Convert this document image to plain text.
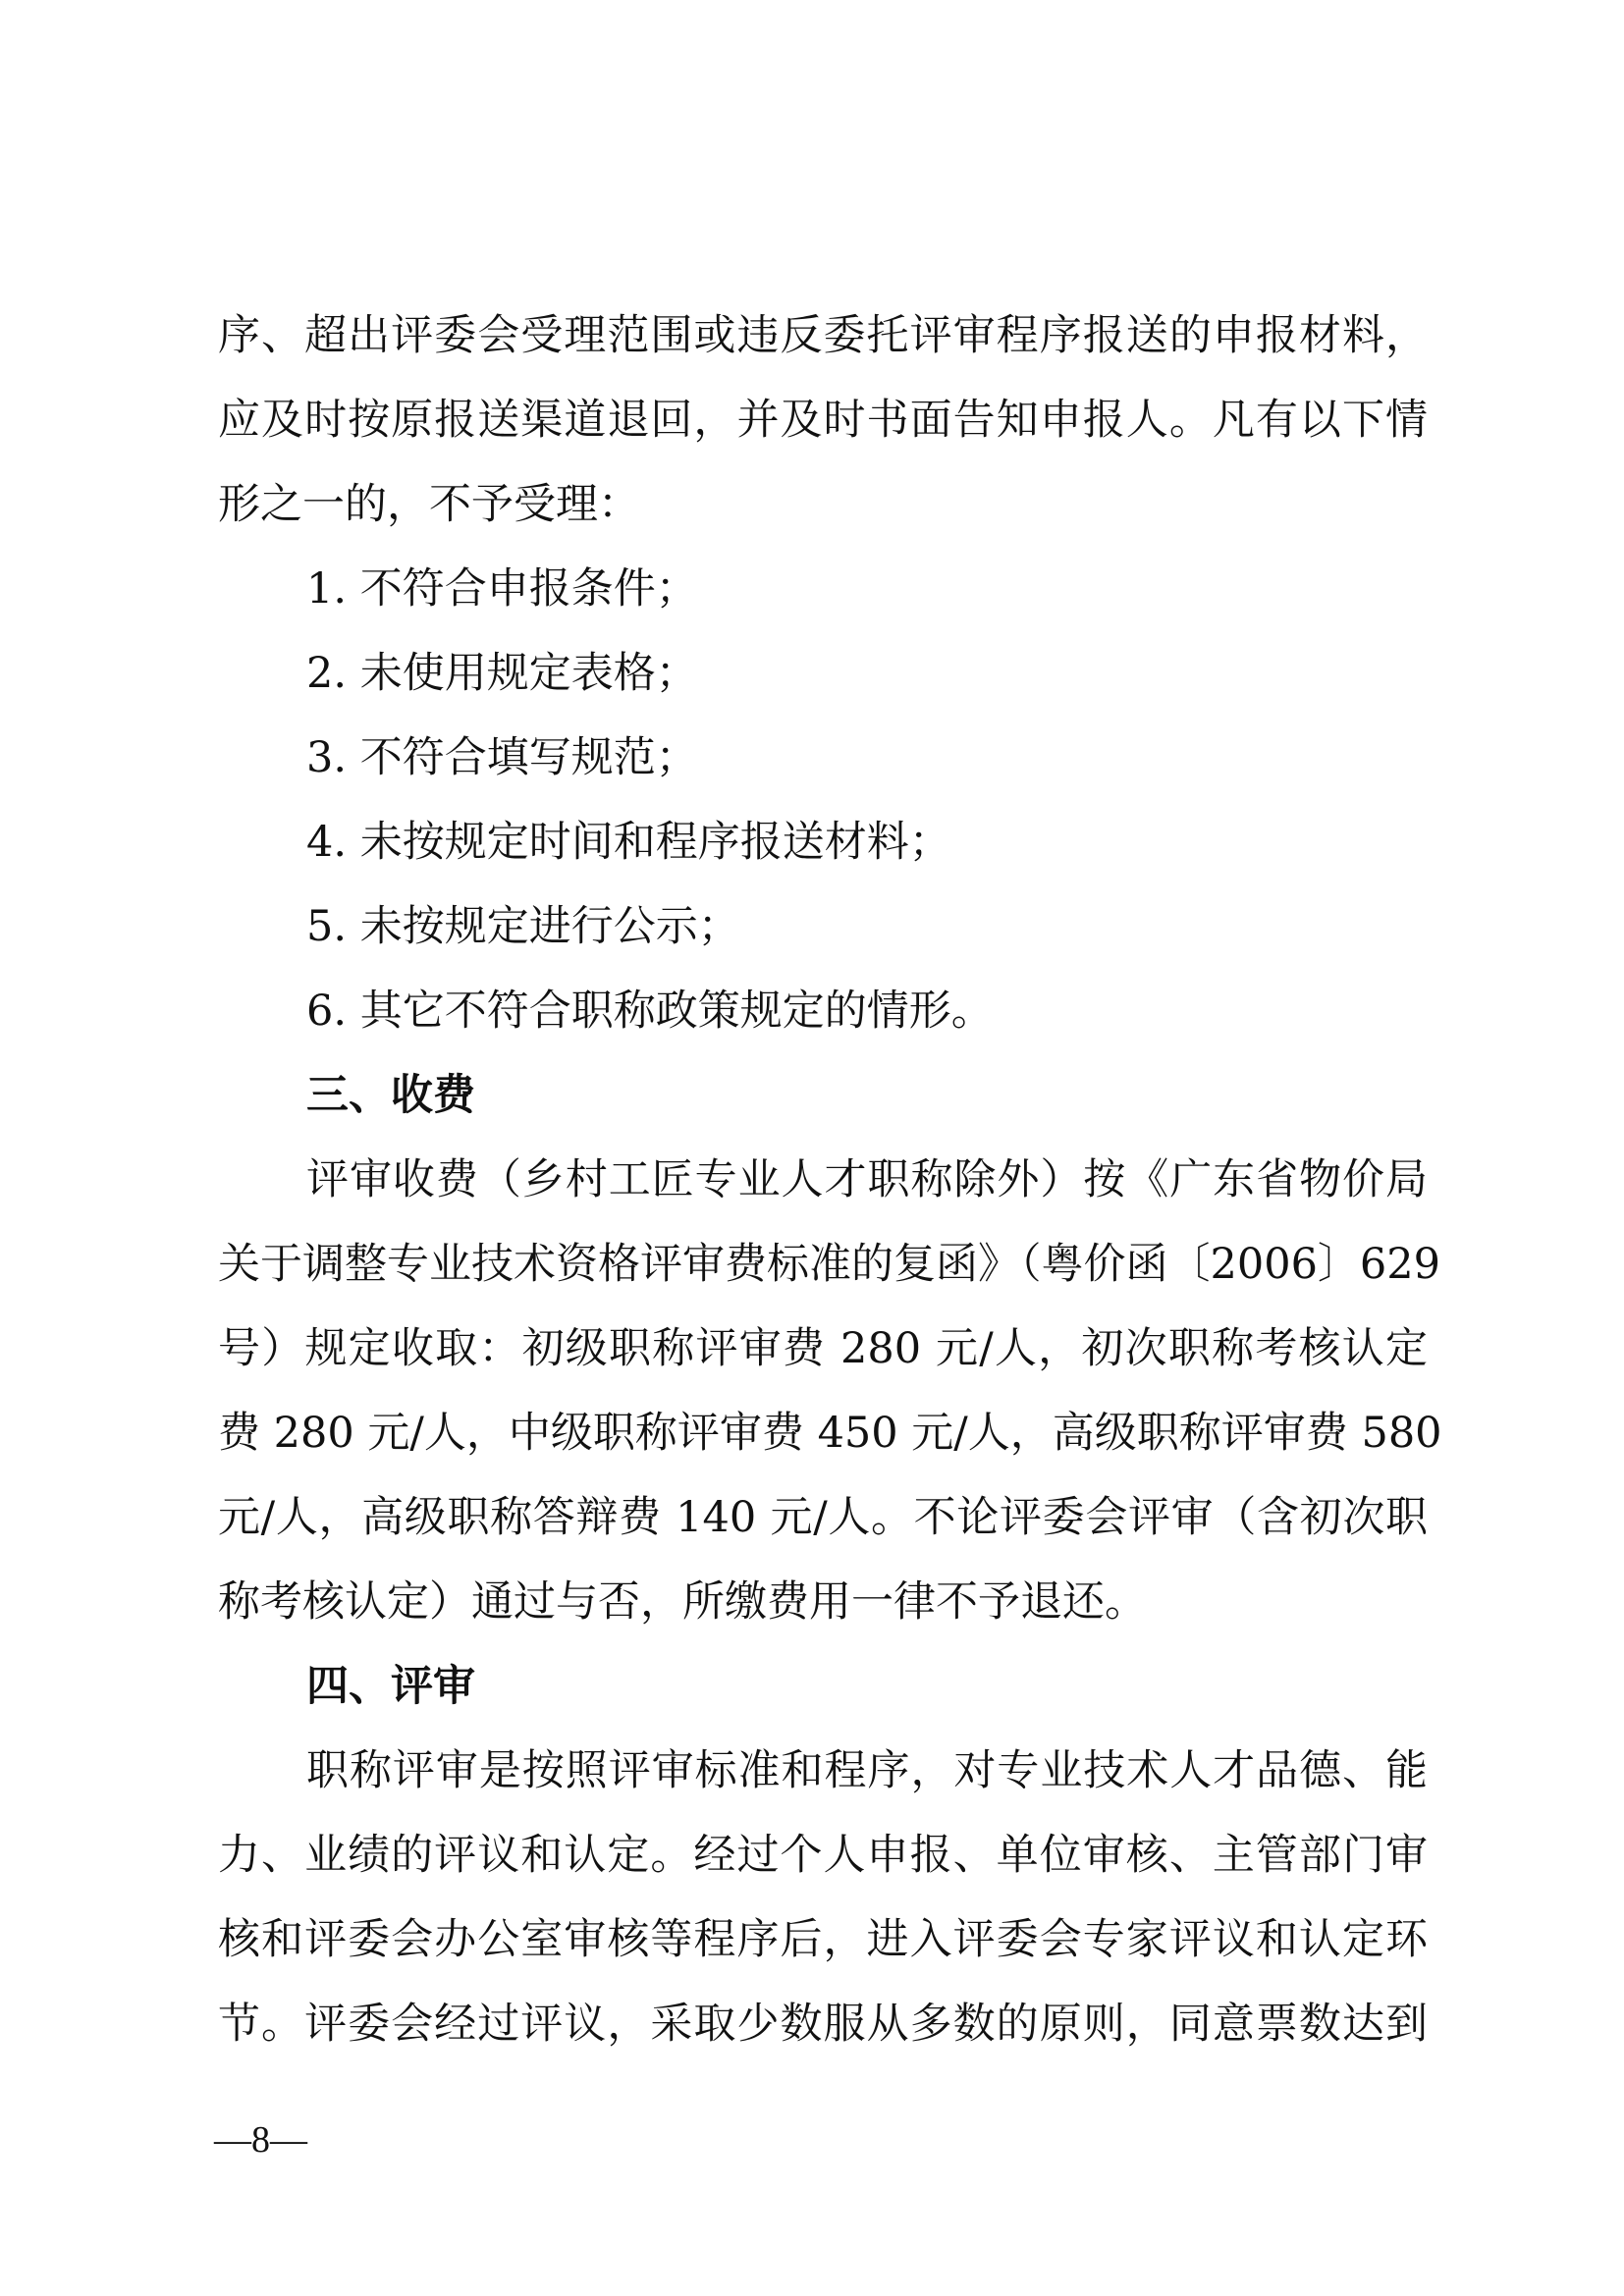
序、超出评委会受理范围或违反委托评审程序报送的申报材料，
应及时按原报送渠道退回，并及时书面告知申报人。凡有以下情
形之一的，不予受理：
1. 不符合申报条件；
2. 未使用规定表格；
3. 不符合填写规范；
4. 未按规定时间和程序报送材料；
5. 未按规定进行公示；
6. 其它不符合职称政策规定的情形。
三、收费
评审收费（乡村工匠专业人才职称除外）按《广东省物价局
关于调整专业技术资格评审费标准的复函》（粤价函〔2006〕629
号）规定收取：初级职称评审费 280 元/人，初次职称考核认定
费 280 元/人，中级职称评审费 450 元/人，高级职称评审费 580
元/人，高级职称答辩费 140 元/人。不论评委会评审（含初次职
称考核认定）通过与否，所缴费用一律不予退还。
四、评审
职称评审是按照评审标准和程序，对专业技术人才品德、能
力、业绩的评议和认定。经过个人申报、单位审核、主管部门审
核和评委会办公室审核等程序后，进入评委会专家评议和认定环
节。评委会经过评议，采取少数服从多数的原则，同意票数达到
—8—
